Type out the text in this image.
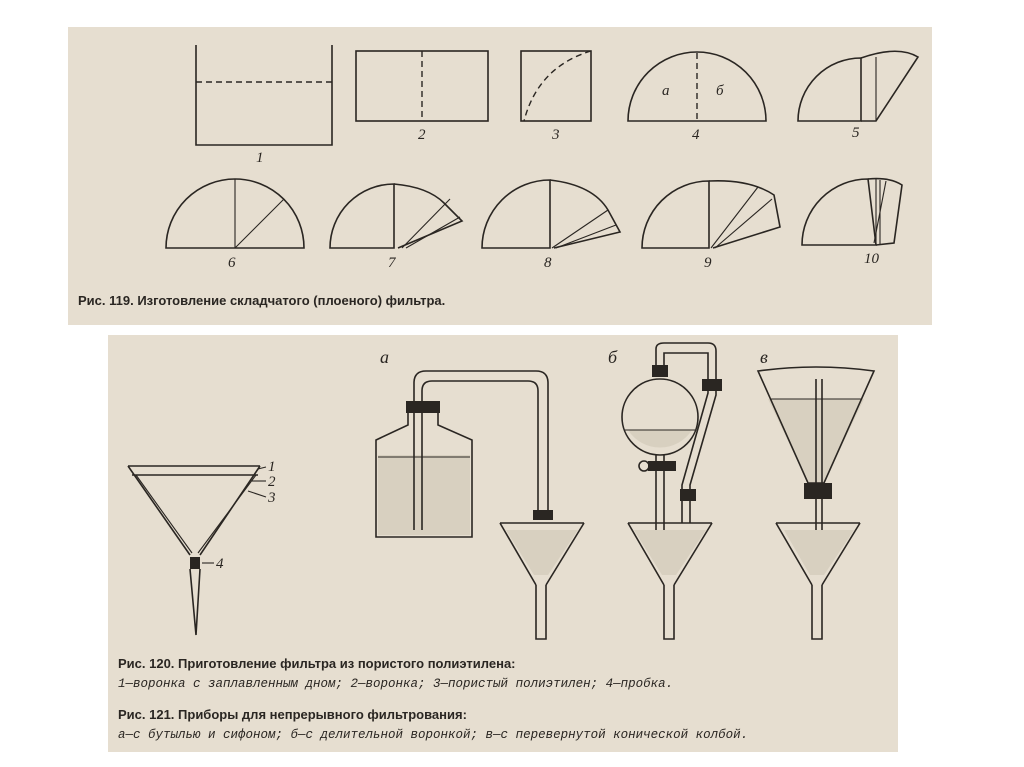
1
2	3
а	б
4	5
6	7	8	9	10
Рис. 119. Изготовление складчатого (плоеного) фильтра.
1
2
3
4
а	б	в
Рис. 120. Приготовление фильтра из пористого полиэтилена:
1—воронка с заплавленным дном; 2—воронка; 3—пористый полиэтилен; 4—пробка.
Рис. 121. Приборы для непрерывного фильтрования:
а—с бутылью и сифоном; б—с делительной воронкой; в—с перевернутой конической колбой.
